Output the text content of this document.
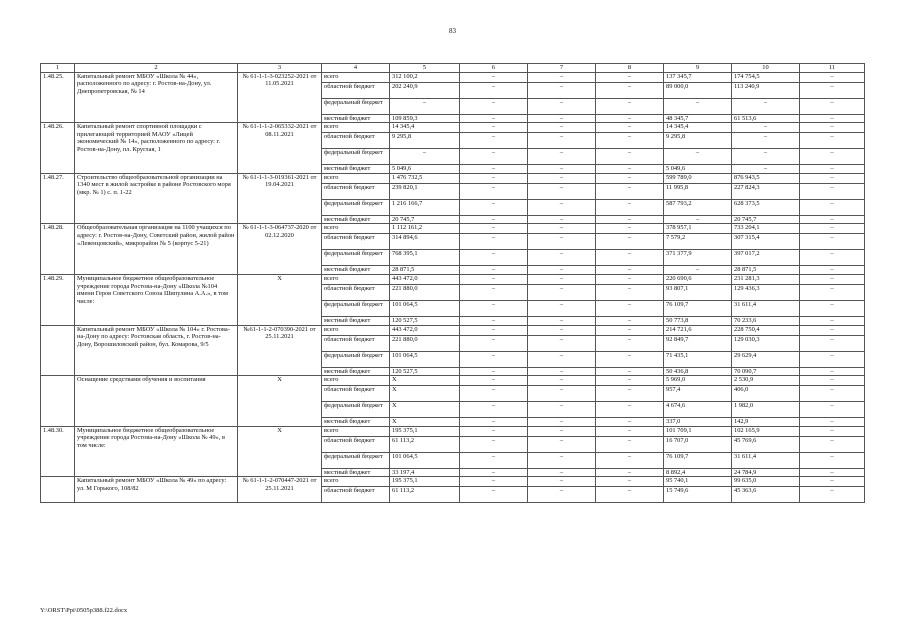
83
1	2	3	4	5	6	7	8	9	10	11
1.48.25.	Капитальный ремонт МБОУ «Школа № 44», расположенного по адресу: г. Ростов-на-Дону, ул. Днепропетровская, № 14	№ 61-1-1-3-023252-2021 от 11.05.2021	всего	312 100,2	–	–	–	137 345,7	174 754,5	–
			областной бюджет	202 240,9	–	–	–	89 000,0	113 240,9	–
			федеральный бюджет	–	–	–	–	–	–	–
			местный бюджет	109 859,3	–	–	–	48 345,7	61 513,6	–
1.48.26.	Капитальный ремонт спортивной площадки с прилегающей территорией МАОУ «Лицей экономический № 14», расположенного по адресу: г. Ростов-на-Дону, пл. Круглая, 1	№ 61-1-1-2-065332-2021 от 08.11.2021	всего	14 345,4	–	–	–	14 345,4	–	–
			областной бюджет	9 295,8	–	–	–	9 295,8	–	–
			федеральный бюджет	–	–	–	–	–	–	–
			местный бюджет	5 049,6	–	–	–	5 049,6	–	–
1.48.27.	Строительство общеобразовательной организации на 1340 мест в жилой застройке в районе Ростовского моря (мкр. № 1) с. п. 1-22	№ 61-1-1-3-019361-2021 от 19.04.2021	всего	1 476 732,5	–	–	–	599 789,0	876 943,5	–
			областной бюджет	239 820,1	–	–	–	11 995,8	227 824,3	–
			федеральный бюджет	1 216 166,7	–	–	–	587 793,2	628 373,5	–
			местный бюджет	20 745,7	–	–	–	–	20 745,7	–
1.48.28.	Общеобразовательная организация на 1100 учащихся по адресу: г. Ростов-на-Дону, Советский район, жилой район «Левенцовский», микрорайон № 5 (корпус 5-21)	№ 61-1-1-3-064737-2020 от 02.12.2020	всего	1 112 161,2	–	–	–	378 957,1	733 204,1	–
			областной бюджет	314 894,6	–	–	–	7 579,2	307 315,4	–
			федеральный бюджет	768 395,1	–	–	–	371 377,9	397 017,2	–
			местный бюджет	28 871,5	–	–	–	–	28 871,5	–
1.48.29.	Муниципальное бюджетное общеобразовательное учреждение города Ростова-на-Дону «Школа №104 имени Героя Советского Союза Шипулина А.А.», в том числе:	Х	всего	443 472,0	–	–	–	220 690,6	231 281,3	–
			областной бюджет	221 880,0	–	–	–	93 807,1	129 436,3	–
			федеральный бюджет	101 064,5	–	–	–	76 109,7	31 611,4	–
			местный бюджет	120 527,5	–	–	–	50 773,8	70 233,6	–
	Капитальный ремонт МБОУ «Школа № 104» г. Ростова-на-Дону по адресу: Ростовская область, г. Ростов-на-Дону, Ворошиловский район, бул. Комарова, 9/5	№61-1-1-2-070390-2021 от 25.11.2021	всего	443 472,0	–	–	–	214 721,6	228 750,4	–
			областной бюджет	221 880,0	–	–	–	92 849,7	129 030,3	–
			федеральный бюджет	101 064,5	–	–	–	71 435,1	29 629,4	–
			местный бюджет	120 527,5	–	–	–	50 436,8	70 090,7	–
	Оснащение средствами обучения и воспитания	Х	всего	Х	–	–	–	5 969,0	2 530,9	–
			областной бюджет	Х	–	–	–	957,4	406,0	–
			федеральный бюджет	Х	–	–	–	4 674,6	1 982,0	–
			местный бюджет	Х	–	–	–	337,0	142,9	–
1.48.30.	Муниципальное бюджетное общеобразовательное учреждение города Ростова-на-Дону «Школа № 49», в том числе:	Х	всего	195 375,1	–	–	–	101 709,1	102 165,9	–
			областной бюджет	61 113,2	–	–	–	16 707,0	45 769,6	–
			федеральный бюджет	101 064,5	–	–	–	76 109,7	31 611,4	–
			местный бюджет	33 197,4	–	–	–	8 892,4	24 784,9	–
	Капитальный ремонт МБОУ «Школа № 49» по адресу: ул. М Горького, 108/82	№ 61-1-1-2-070447-2021 от 25.11.2021	всего	195 375,1	–	–	–	95 740,1	99 635,0	–
			областной бюджет	61 113,2	–	–	–	15 749,6	45 363,6	–
Y:\ORST\Ppi\0505p388.f22.docx
